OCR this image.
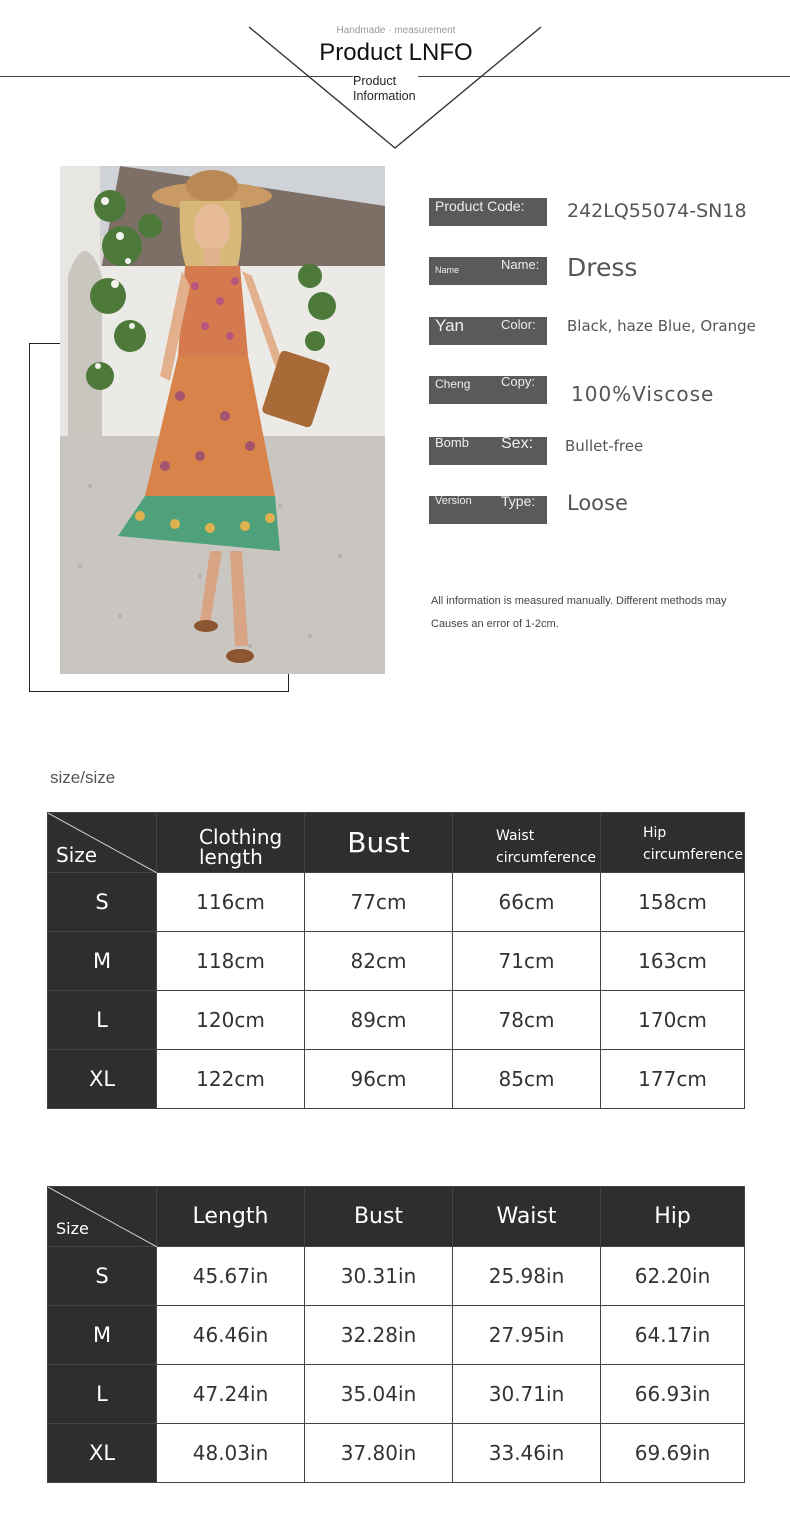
Handmade · measurement
Product LNFO
Product
Information
Product Code: 242LQ55074-SN18
Name	Name: Dress
Yan	Color: Black, haze Blue, Orange
Cheng Copy:
100%Viscose
Bomb Sex: Bullet-free
Version Type: Loose
All information is measured manually. Different methods may
Causes an error of 1-2cm.
size/size
Size	Clothing length	Bust	Waist circumference	Hip circumference
S	116cm	77cm	66cm	158cm
M	118cm	82cm	71cm	163cm
L	120cm	89cm	78cm	170cm
XL	122cm	96cm	85cm	177cm
Size	Length	Bust	Waist	Hip
S	45.67in	30.31in	25.98in	62.20in
M	46.46in	32.28in	27.95in	64.17in
L	47.24in	35.04in	30.71in	66.93in
XL	48.03in	37.80in	33.46in	69.69in
